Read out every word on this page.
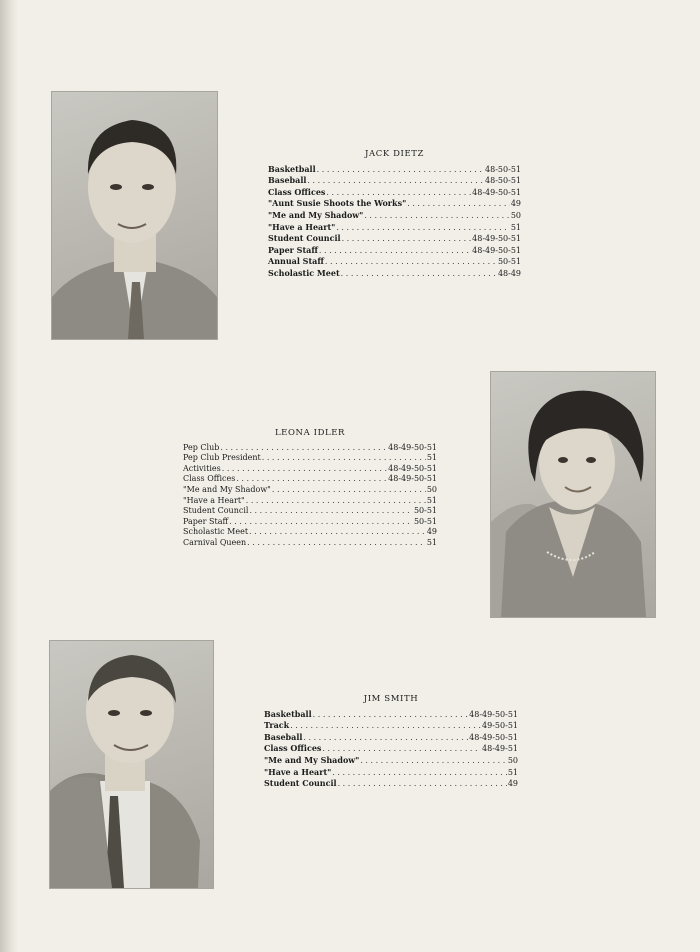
JACK DIETZ
Basketball . . .	48-50-51
Baseball . . .	48-50-51
Class Offices . . .	48-49-50-51
"Aunt Susie Shoots the Works" . . .	49
"Me and My Shadow" . . .	50
"Have a Heart" . . .	51
Student Council . . .	48-49-50-51
Paper Staff . . .	48-49-50-51
Annual Staff . . .	50-51
Scholastic Meet . . .	48-49
LEONA IDLER
Pep Club . . .	48-49-50-51
Pep Club President . . .	51
Activities . . .	48-49-50-51
Class Offices . . .	48-49-50-51
"Me and My Shadow" . . .	50
"Have a Heart" . . .	51
Student Council . . .	50-51
Paper Staff . . .	50-51
Scholastic Meet . . .	49
Carnival Queen . . .	51
JIM SMITH
Basketball . . .	48-49-50-51
Track . . .	49-50-51
Baseball . . .	48-49-50-51
Class Offices . . .	48-49-51
"Me and My Shadow" . . .	50
"Have a Heart" . . .	51
Student Council . . .	49
